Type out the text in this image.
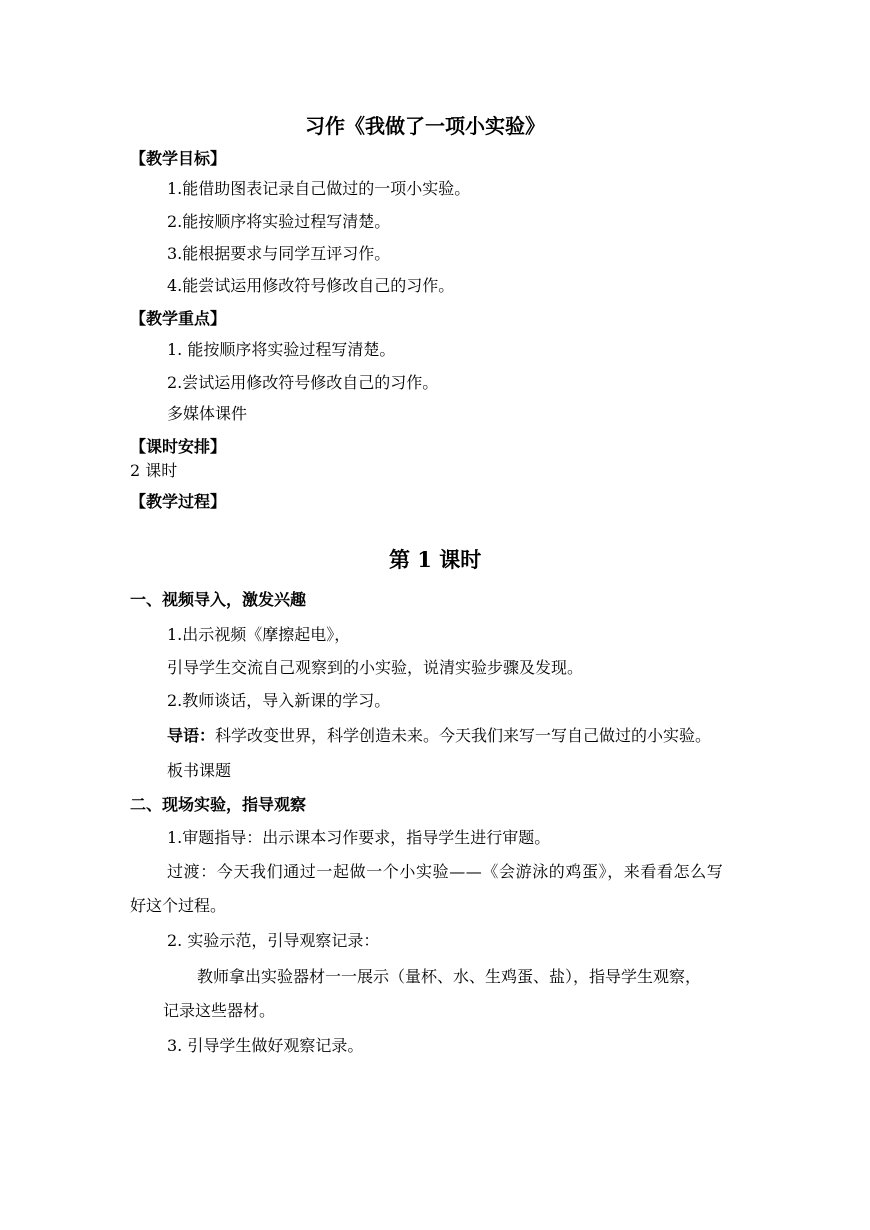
习作《我做了一项小实验》
【教学目标】
1.能借助图表记录自己做过的一项小实验。
2.能按顺序将实验过程写清楚。
3.能根据要求与同学互评习作。
4.能尝试运用修改符号修改自己的习作。
【教学重点】
1. 能按顺序将实验过程写清楚。
2.尝试运用修改符号修改自己的习作。
多媒体课件
【课时安排】
2 课时
【教学过程】
第 1 课时
一、视频导入，激发兴趣
1.出示视频《摩擦起电》，
引导学生交流自己观察到的小实验，说清实验步骤及发现。
2.教师谈话，导入新课的学习。
导语：科学改变世界，科学创造未来。今天我们来写一写自己做过的小实验。
板书课题
二、现场实验，指导观察
1.审题指导：出示课本习作要求，指导学生进行审题。
过渡：今天我们通过一起做一个小实验——《会游泳的鸡蛋》，来看看怎么写
好这个过程。
2. 实验示范，引导观察记录：
教师拿出实验器材一一展示（量杯、水、生鸡蛋、盐），指导学生观察，
记录这些器材。
3. 引导学生做好观察记录。
